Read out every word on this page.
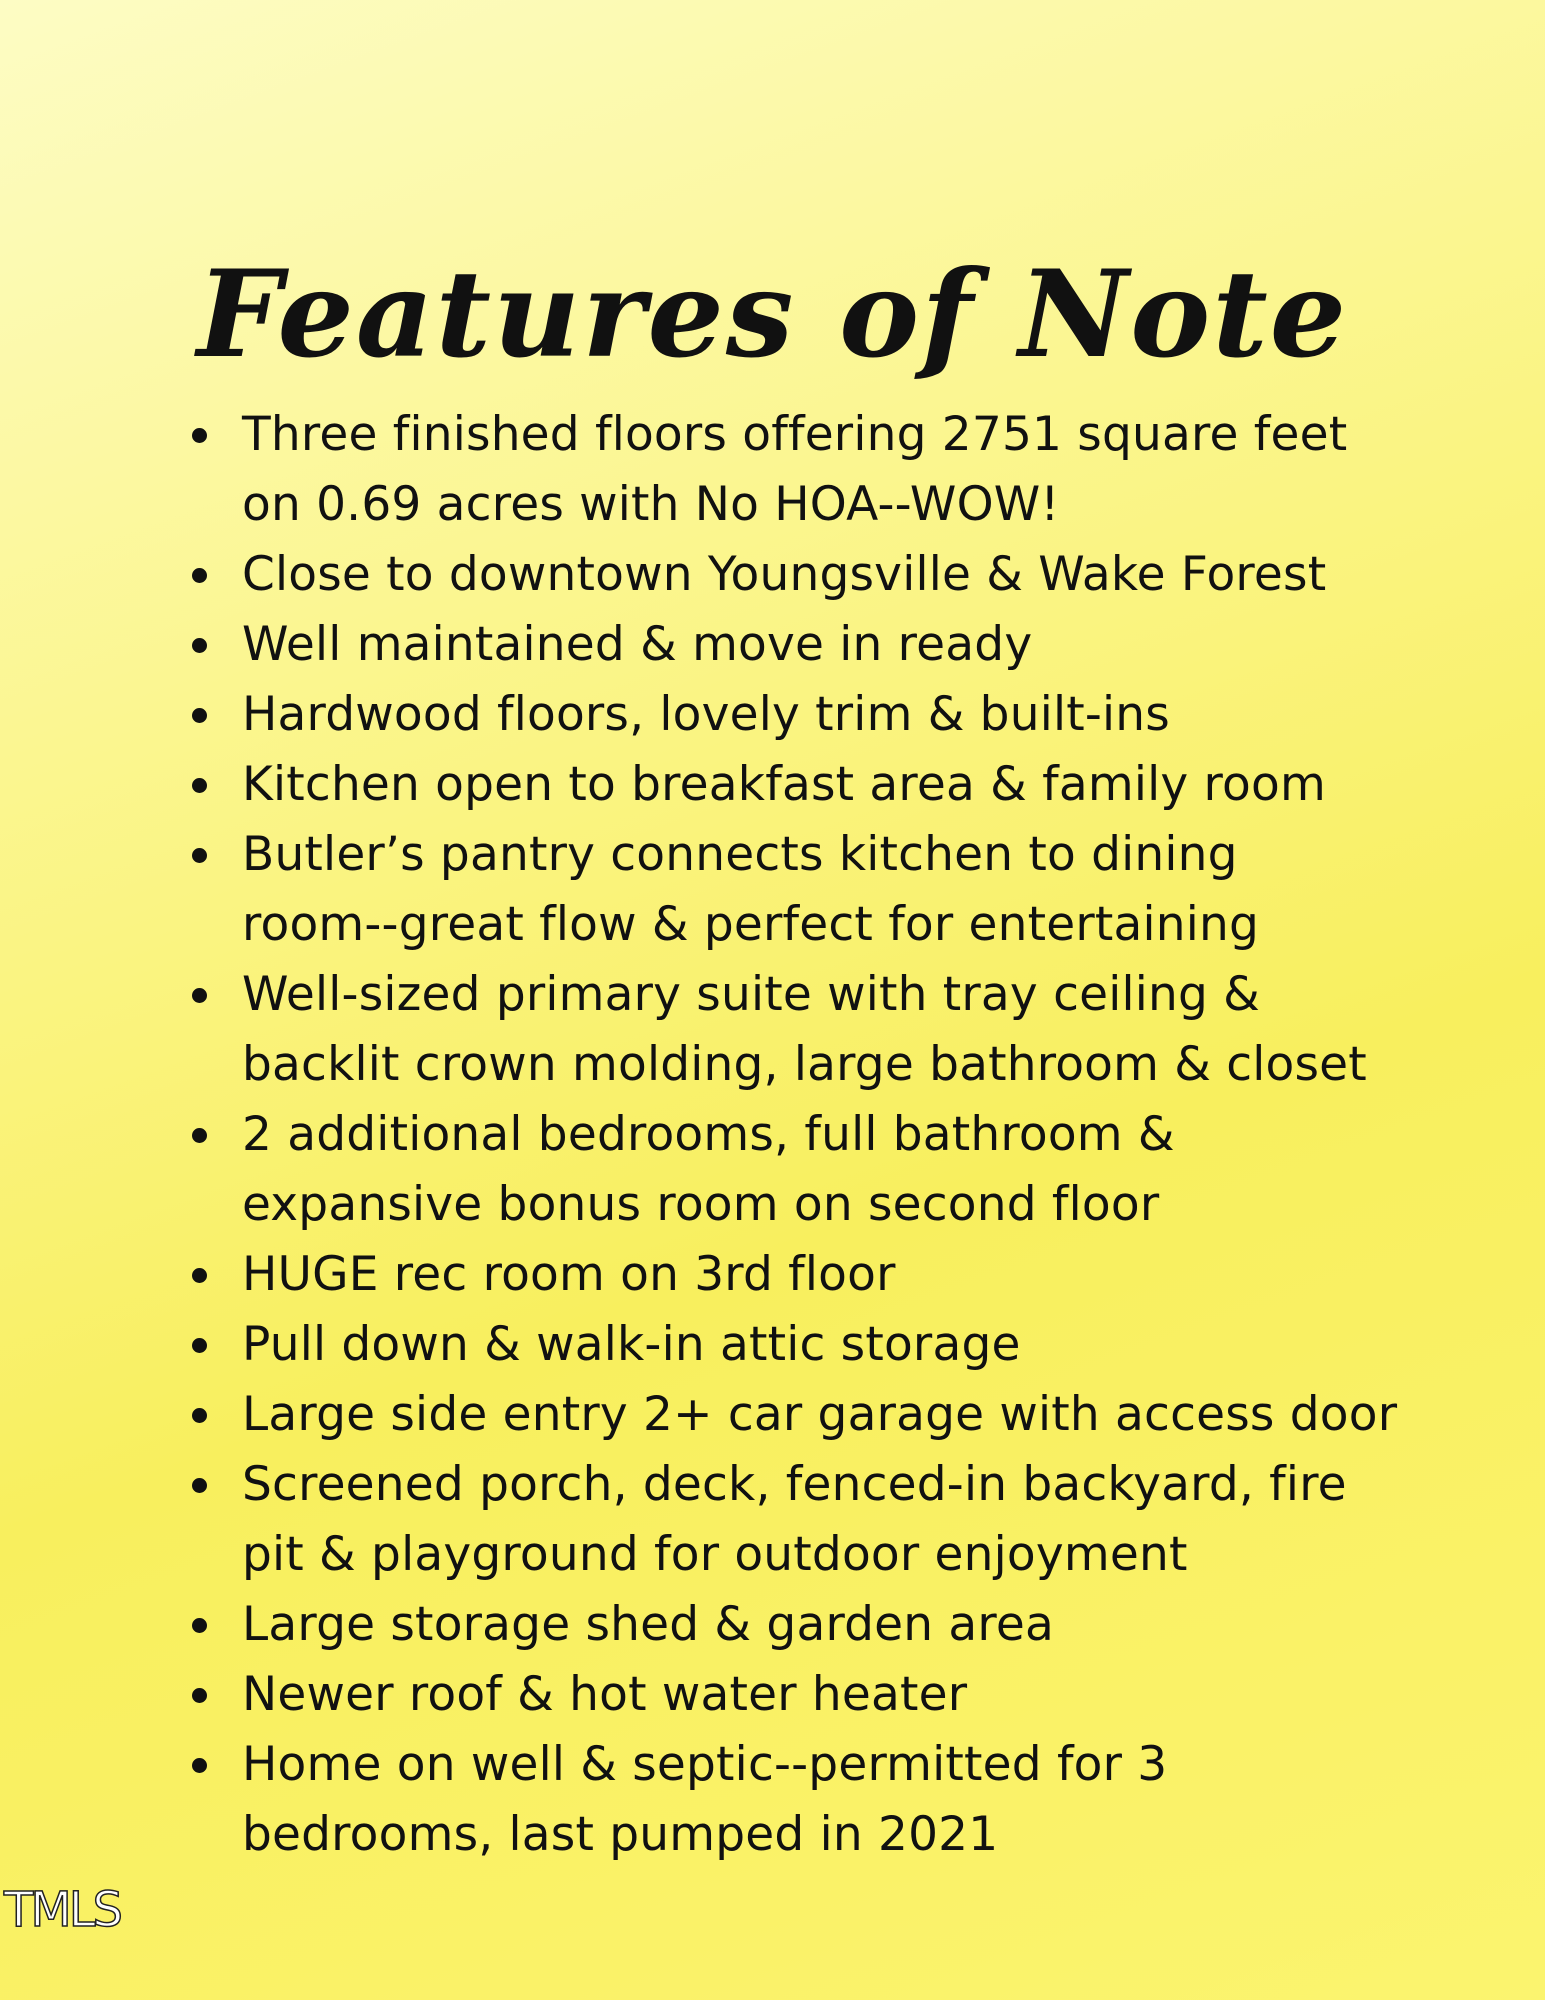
Features of Note
Three finished floors offering 2751 square feet
on 0.69 acres with No HOA--WOW!
Close to downtown Youngsville & Wake Forest
Well maintained & move in ready
Hardwood floors, lovely trim & built-ins
Kitchen open to breakfast area & family room
Butler’s pantry connects kitchen to dining
room--great flow & perfect for entertaining
Well-sized primary suite with tray ceiling &
backlit crown molding, large bathroom & closet
2 additional bedrooms, full bathroom &
expansive bonus room on second floor
HUGE rec room on 3rd floor
Pull down & walk-in attic storage
Large side entry 2+ car garage with access door
Screened porch, deck, fenced-in backyard, fire
pit & playground for outdoor enjoyment
Large storage shed & garden area
Newer roof & hot water heater
Home on well & septic--permitted for 3
bedrooms, last pumped in 2021
TMLS
